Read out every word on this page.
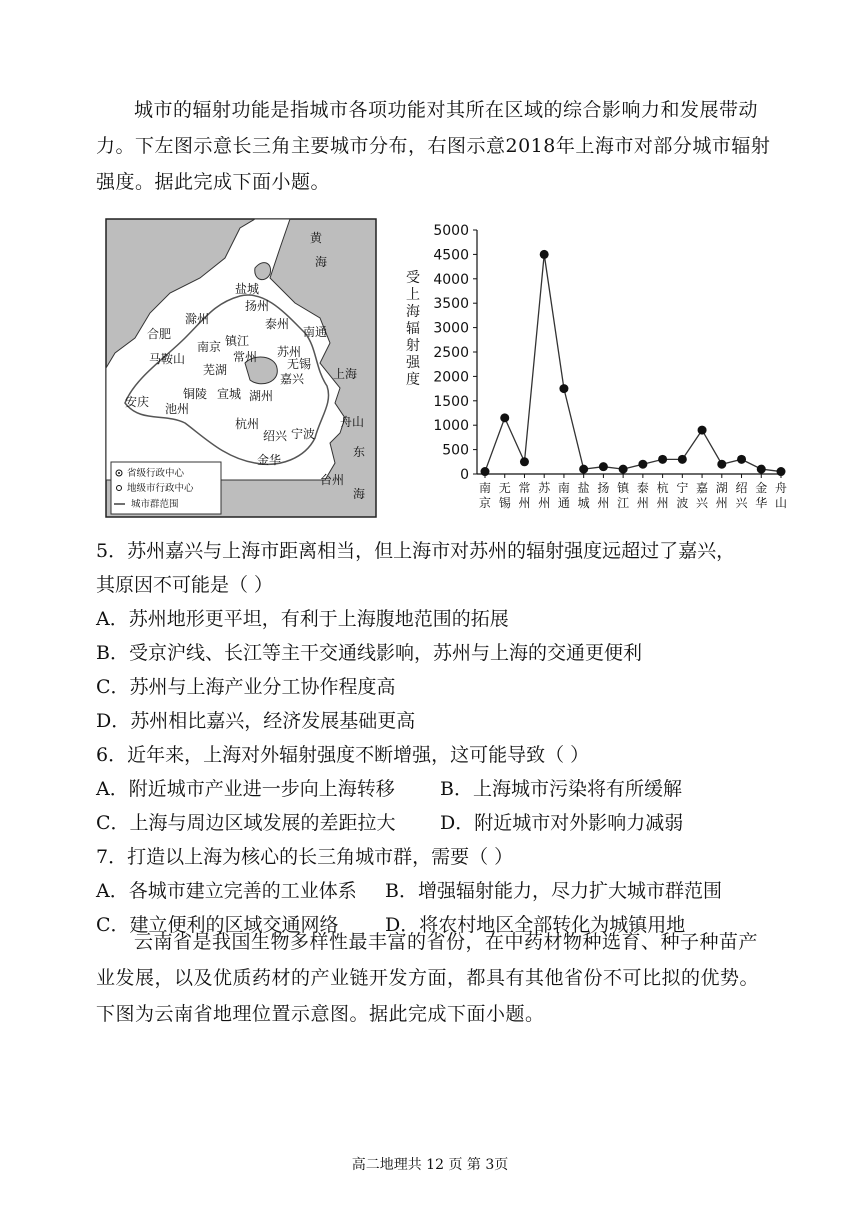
城市的辐射功能是指城市各项功能对其所在区域的综合影响力和发展带动力。下左图示意长三角主要城市分布，右图示意2018年上海市对部分城市辐射强度。据此完成下面小题。

黄
海
东
海
盐城
扬州
滁州	泰州
南通
合肥
南京 镇江
常州 苏州
无锡
马鞍山
芜湖	上海
嘉兴
铜陵 宣城 湖州
安庆 池州
杭州	舟山
绍兴 宁波
金华
台州
省级行政中心
地级市行政中心
城市群范围
0
500
1000
1500
2000
2500
3000
3500
4000
4500
5000
受
上
海
辐
射
强
度
南
京
无
锡
常
州
苏
州
南
通
盐
城
扬
州
镇
江
泰
州
杭
州
宁
波
嘉
兴
湖
州
绍
兴
金
华
舟
山

5．苏州嘉兴与上海市距离相当，但上海市对苏州的辐射强度远超过了嘉兴，

其原因不可能是（ ）

A．苏州地形更平坦，有利于上海腹地范围的拓展
B．受京沪线、长江等主干交通线影响，苏州与上海的交通更便利
C．苏州与上海产业分工协作程度高
D．苏州相比嘉兴，经济发展基础更高

6．近年来，上海对外辐射强度不断增强，这可能导致（ ）

A．附近城市产业进一步向上海转移 B．上海城市污染将有所缓解
C．上海与周边区域发展的差距拉大 D．附近城市对外影响力减弱

7．打造以上海为核心的长三角城市群，需要（ ）

A．各城市建立完善的工业体系 B．增强辐射能力，尽力扩大城市群范围
C．建立便利的区域交通网络 D．将农村地区全部转化为城镇用地

云南省是我国生物多样性最丰富的省份，在中药材物种选育、种子种苗产业发展，以及优质药材的产业链开发方面，都具有其他省份不可比拟的优势。下图为云南省地理位置示意图。据此完成下面小题。

高二地理共 12 页 第 3页
